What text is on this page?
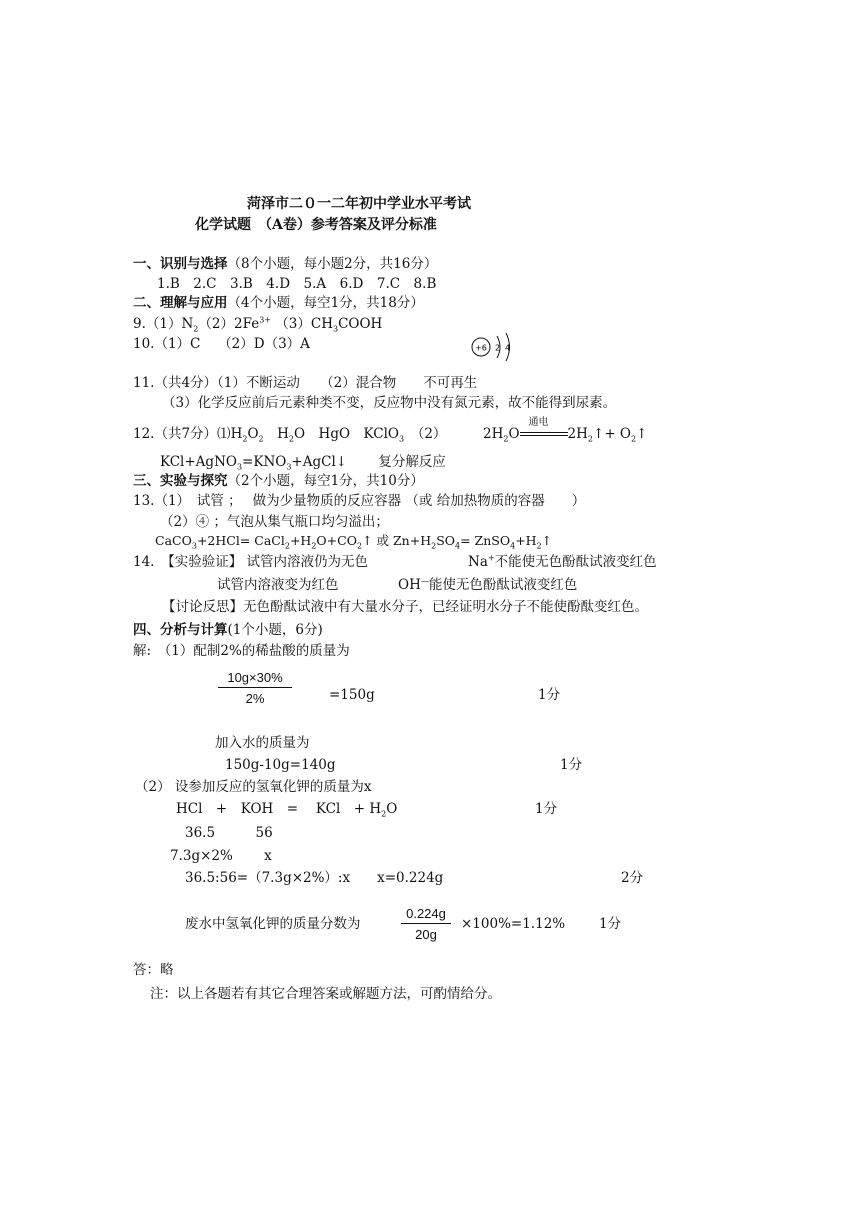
菏泽市二０一二年初中学业水平考试
化学试题　（A卷）参考答案及评分标准
一、识别与选择（8个小题，每小题2分，共16分）
1.B　2.C　3.B　4.D　5.A　6.D　7.C　8.B
二、理解与应用（4个小题，每空1分，共18分）
$9.(1)N_2(2)2Fe^{3+}$ $(3)CH_3COOH$
10.（1）C　 （2）D（3）A	+6 2 4
11.（共4分）（1）不断运动　　（2）混合物　　不可再生
（3）化学反应前后元素种类不变，反应物中没有氮元素，故不能得到尿素。
12.（共7分）$⑴H_2O_2$　 $H_2O$　HgO　KClO$_3$　 （2）	$2H_2O$
通电
$2H_2↑+$ $O_2↑$
$KCl+AgNO_3=KNO_3+AgCl↓$　　 复分解反应
三、实验与探究（2个小题，每空1分，共10分）
13.（1）　试管 ；　 做为少量物质的反应容器 （或 给加热物质的容器　　）
（2）④ ；气泡从集气瓶口均匀溢出；
CaCO$_3$+2HCl= $CaCl_2+H_2O+CO_2↑$ 或 $Zn+H_2SO_4=$ $ZnSO_4+H_2↑$
14.　【实验验证】 试管内溶液仍为无色	Na+不能使无色酚酞试液变红色
试管内溶液变为红色	OH—能使无色酚酞试液变红色
【讨论反思】无色酚酞试液中有大量水分子，已经证明水分子不能使酚酞变红色。
四、分析与计算(1个小题，6分)
解:　（1）配制2%的稀盐酸的质量为
$\frac{10g\times 30\%}{2\%}$	=150g	1分
加入水的质量为
150g-10g=140g	1分
（2） 设参加反应的氢氧化钾的质量为x
HCl　+　KOH　=　 KCl　+ $H_2O$	1分
36.5　　　56
7.3g×2%　　 x
36.5:56=（7.3g×2%）:x　　x=0.224g	2分
废水中氢氧化钾的质量分数为	$\frac{0.224g}{20g} \times 100\%=1.12\%$	1分
答：略
注：以上各题若有其它合理答案或解题方法，可酌情给分。
